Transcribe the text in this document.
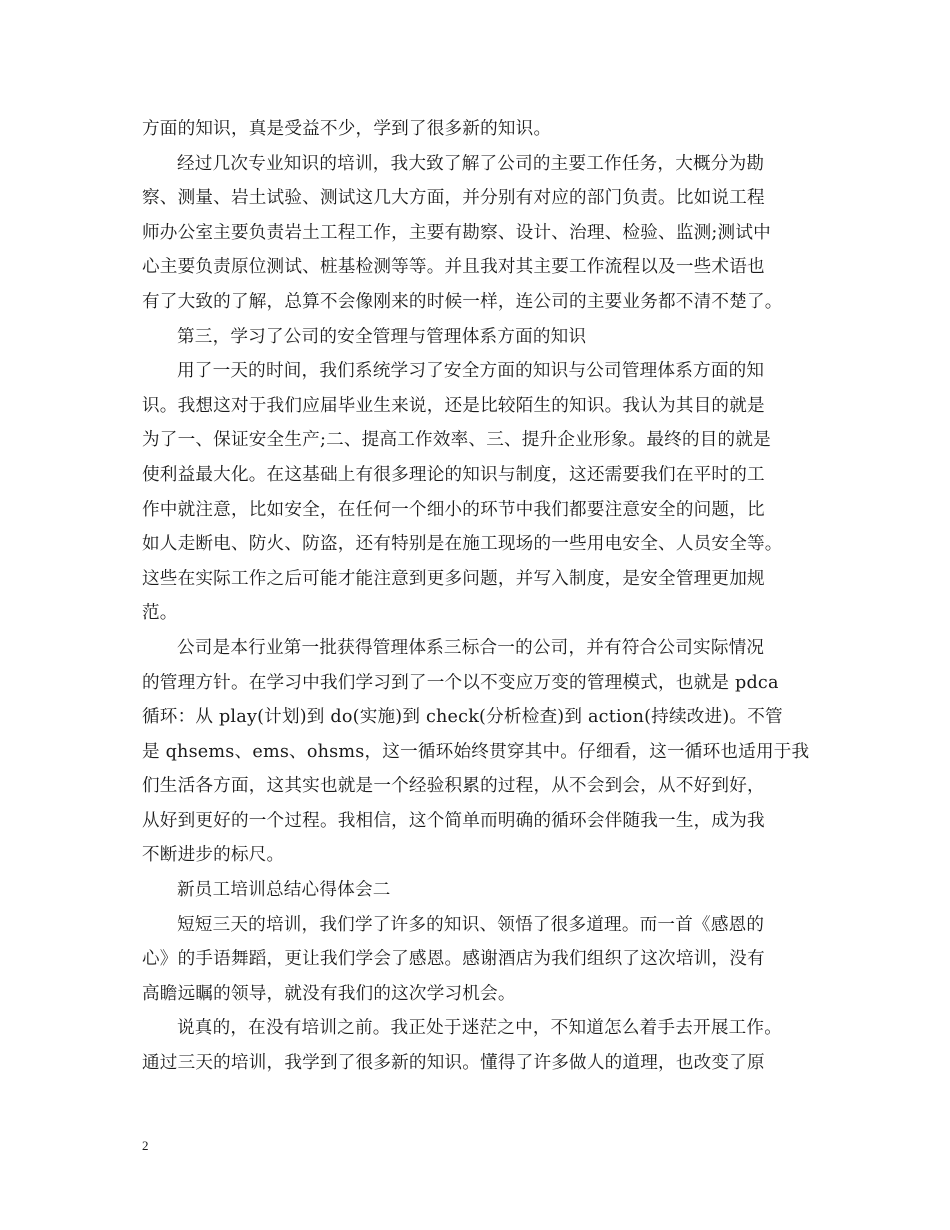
方面的知识，真是受益不少，学到了很多新的知识。
经过几次专业知识的培训，我大致了解了公司的主要工作任务，大概分为勘
察、测量、岩土试验、测试这几大方面，并分别有对应的部门负责。比如说工程
师办公室主要负责岩土工程工作，主要有勘察、设计、治理、检验、监测;测试中
心主要负责原位测试、桩基检测等等。并且我对其主要工作流程以及一些术语也
有了大致的了解，总算不会像刚来的时候一样，连公司的主要业务都不清不楚了。
第三，学习了公司的安全管理与管理体系方面的知识
用了一天的时间，我们系统学习了安全方面的知识与公司管理体系方面的知
识。我想这对于我们应届毕业生来说，还是比较陌生的知识。我认为其目的就是
为了一、保证安全生产;二、提高工作效率、三、提升企业形象。最终的目的就是
使利益最大化。在这基础上有很多理论的知识与制度，这还需要我们在平时的工
作中就注意，比如安全，在任何一个细小的环节中我们都要注意安全的问题，比
如人走断电、防火、防盗，还有特别是在施工现场的一些用电安全、人员安全等。
这些在实际工作之后可能才能注意到更多问题，并写入制度，是安全管理更加规
范。
公司是本行业第一批获得管理体系三标合一的公司，并有符合公司实际情况
的管理方针。在学习中我们学习到了一个以不变应万变的管理模式，也就是 pdca
循环：从 play(计划)到 do(实施)到 check(分析检查)到 action(持续改进)。不管
是 qhsems、ems、ohsms，这一循环始终贯穿其中。仔细看，这一循环也适用于我
们生活各方面，这其实也就是一个经验积累的过程，从不会到会，从不好到好，
从好到更好的一个过程。我相信，这个简单而明确的循环会伴随我一生，成为我
不断进步的标尺。
新员工培训总结心得体会二
短短三天的培训，我们学了许多的知识、领悟了很多道理。而一首《感恩的
心》的手语舞蹈，更让我们学会了感恩。感谢酒店为我们组织了这次培训，没有
高瞻远瞩的领导，就没有我们的这次学习机会。
说真的，在没有培训之前。我正处于迷茫之中，不知道怎么着手去开展工作。
通过三天的培训，我学到了很多新的知识。懂得了许多做人的道理，也改变了原
2
